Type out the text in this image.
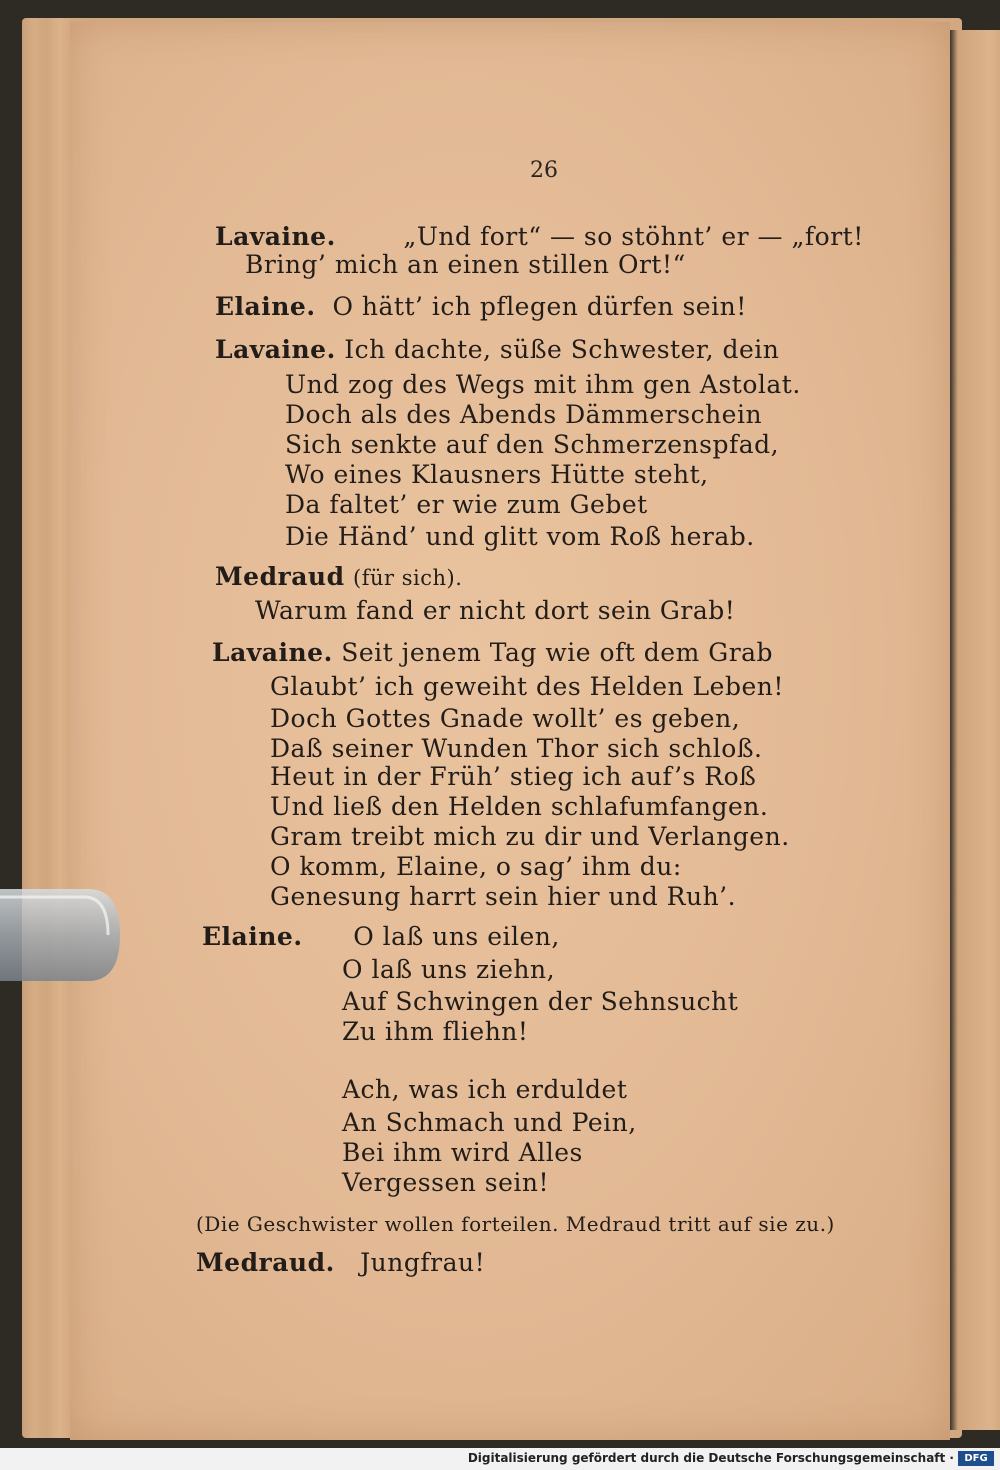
26
Lavaine.	„Und fort“ — so stöhnt’ er — „fort!
Bring’ mich an einen stillen Ort!“
Elaine. O hätt’ ich pflegen dürfen sein!
Lavaine. Ich dachte, süße Schwester, dein
Und zog des Wegs mit ihm gen Astolat.
Doch als des Abends Dämmerschein
Sich senkte auf den Schmerzenspfad,
Wo eines Klausners Hütte steht,
Da faltet’ er wie zum Gebet
Die Händ’ und glitt vom Roß herab.
Medraud (für sich).
Warum fand er nicht dort sein Grab!
Lavaine. Seit jenem Tag wie oft dem Grab
Glaubt’ ich geweiht des Helden Leben!
Doch Gottes Gnade wollt’ es geben,
Daß seiner Wunden Thor sich schloß.
Heut in der Früh’ stieg ich auf’s Roß
Und ließ den Helden schlafumfangen.
Gram treibt mich zu dir und Verlangen.
O komm, Elaine, o sag’ ihm du:
Genesung harrt sein hier und Ruh’.
Elaine. O laß uns eilen,
O laß uns ziehn,
Auf Schwingen der Sehnsucht
Zu ihm fliehn!
Ach, was ich erduldet
An Schmach und Pein,
Bei ihm wird Alles
Vergessen sein!
(Die Geschwister wollen forteilen. Medraud tritt auf sie zu.)
Medraud. Jungfrau!
Digitalisierung gefördert durch die Deutsche Forschungsgemeinschaft ·	DFG
